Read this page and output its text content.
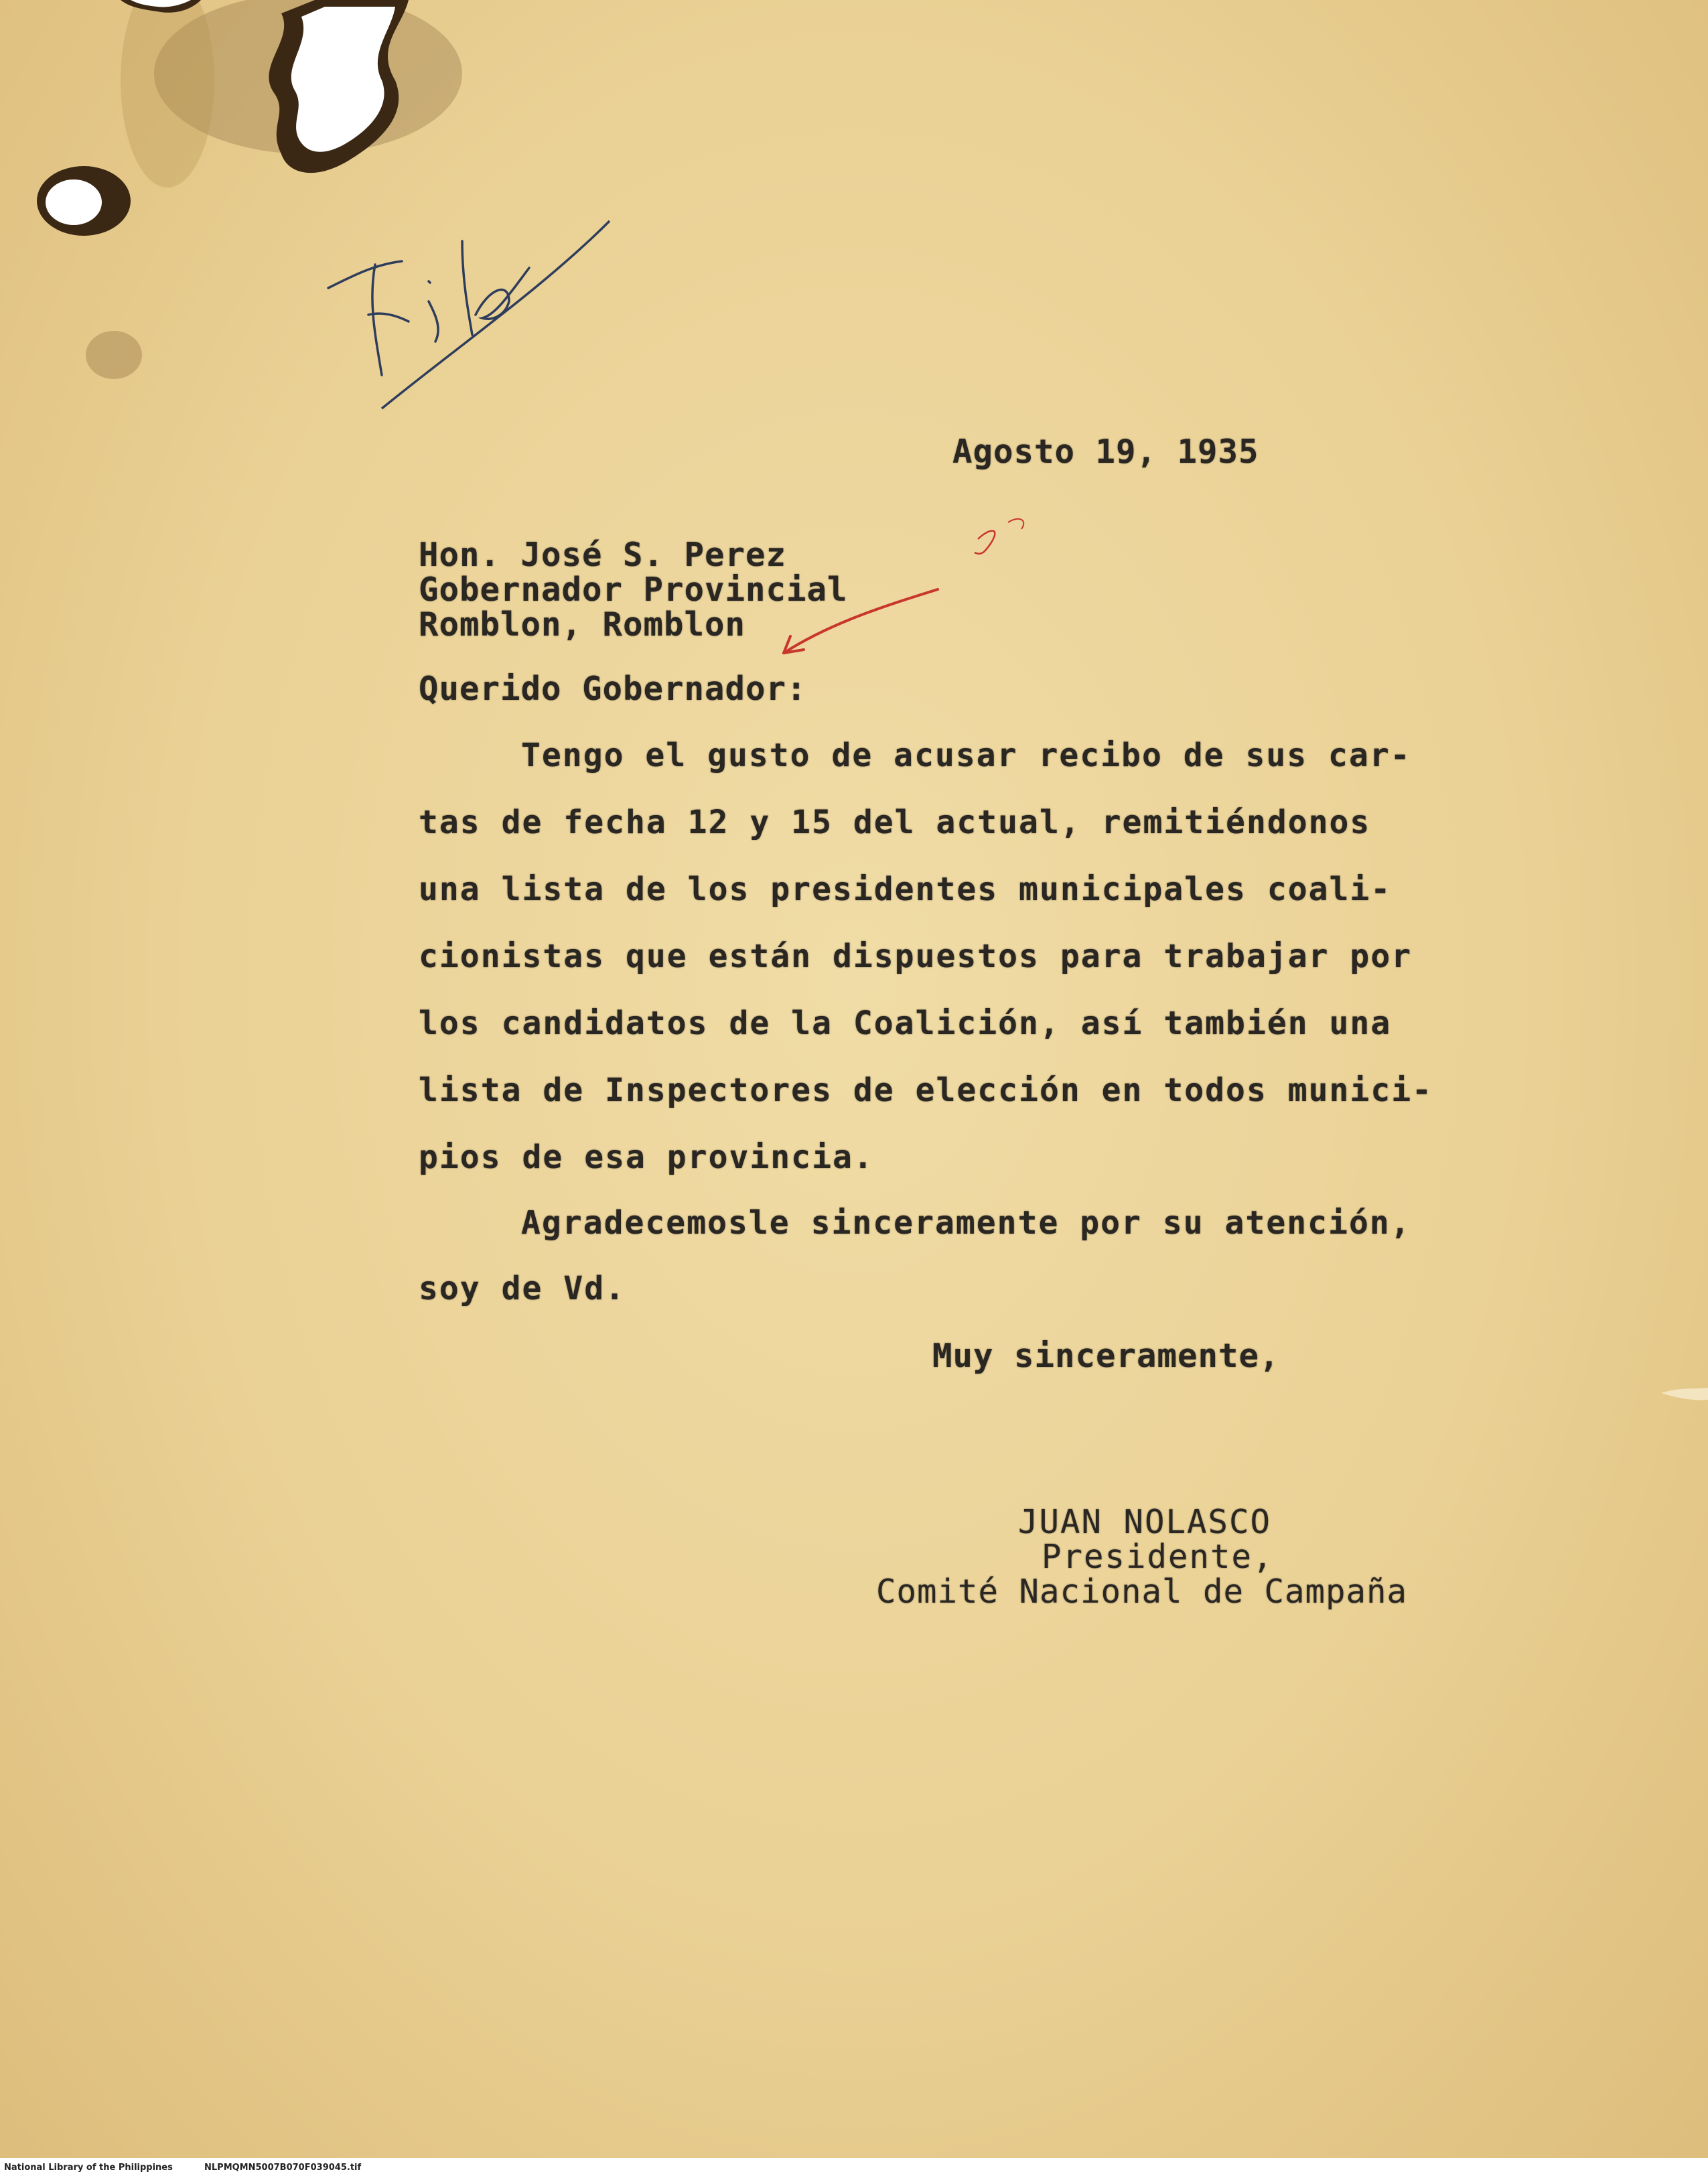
Agosto 19, 1935
Hon. José S. Perez
Gobernador Provincial
Romblon, Romblon
Querido Gobernador:
Tengo el gusto de acusar recibo de sus car-
tas de fecha 12 y 15 del actual, remitiéndonos
una lista de los presidentes municipales coali-
cionistas que están dispuestos para trabajar por
los candidatos de la Coalición, así también una
lista de Inspectores de elección en todos munici-
pios de esa provincia.
Agradecemosle sinceramente por su atención,
soy de Vd.
Muy sinceramente,
JUAN NOLASCO
Presidente,
Comité Nacional de Campaña
National Library of the Philippines	NLPMQMN5007B070F039045.tif
